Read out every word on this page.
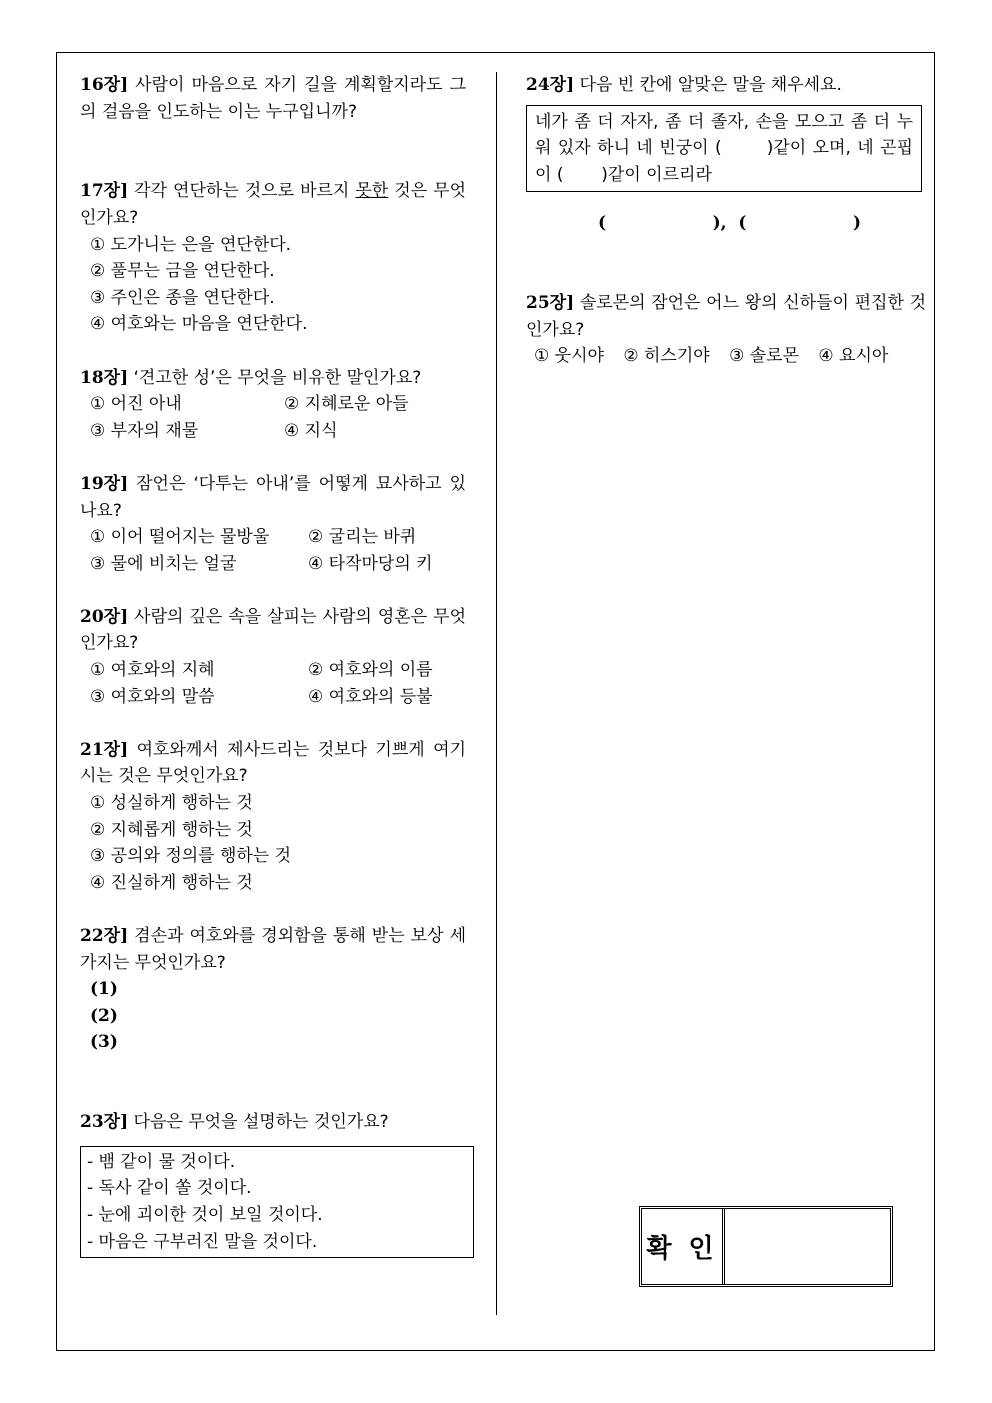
16장] 사람이 마음으로 자기 길을 계획할지라도 그의 걸음을 인도하는 이는 누구입니까?
17장] 각각 연단하는 것으로 바르지 못한 것은 무엇인가요?
① 도가니는 은을 연단한다.
② 풀무는 금을 연단한다.
③ 주인은 종을 연단한다.
④ 여호와는 마음을 연단한다.
18장] ‘견고한 성’은 무엇을 비유한 말인가요?
① 어진 아내	② 지혜로운 아들
③ 부자의 재물	④ 지식
19장] 잠언은 ‘다투는 아내’를 어떻게 묘사하고 있나요?
① 이어 떨어지는 물방울	② 굴리는 바퀴
③ 물에 비치는 얼굴	④ 타작마당의 키
20장] 사람의 깊은 속을 살피는 사람의 영혼은 무엇인가요?
① 여호와의 지혜	② 여호와의 이름
③ 여호와의 말씀	④ 여호와의 등불
21장] 여호와께서 제사드리는 것보다 기쁘게 여기시는 것은 무엇인가요?
① 성실하게 행하는 것
② 지혜롭게 행하는 것
③ 공의와 정의를 행하는 것
④ 진실하게 행하는 것
22장] 겸손과 여호와를 경외함을 통해 받는 보상 세 가지는 무엇인가요?
(1)
(2)
(3)
23장] 다음은 무엇을 설명하는 것인가요?
- 뱀 같이 물 것이다.
- 독사 같이 쏠 것이다.
- 눈에 괴이한 것이 보일 것이다.
- 마음은 구부러진 말을 것이다.
24장] 다음 빈 칸에 알맞은 말을 채우세요.
네가 좀 더 자자, 좀 더 졸자, 손을 모으고 좀 더 누워 있자 하니 네 빈궁이 (	)같이 오며, 네 곤핍이 ( )같이 이르리라
(                  ),  (                  )
25장] 솔로몬의 잠언은 어느 왕의 신하들이 편집한 것인가요?
① 웃시야 ② 히스기야 ③ 솔로몬 ④ 요시아
확 인
